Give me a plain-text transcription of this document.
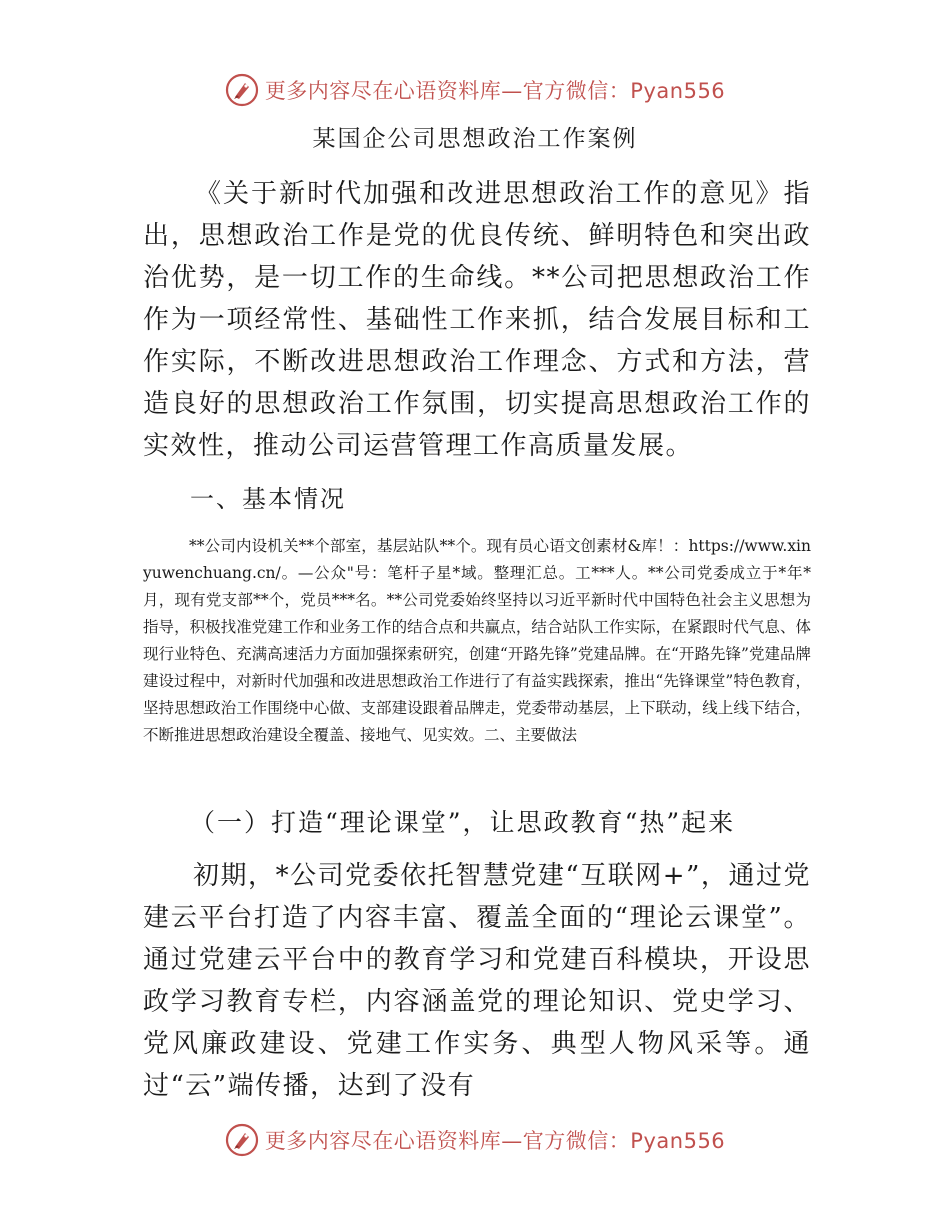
更多内容尽在心语资料库—官方微信：Pyan556
某国企公司思想政治工作案例

《关于新时代加强和改进思想政治工作的意见》指出，思想政治工作是党的优良传统、鲜明特色和突出政治优势，是一切工作的生命线。**公司把思想政治工作作为一项经常性、基础性工作来抓，结合发展目标和工作实际，不断改进思想政治工作理念、方式和方法，营造良好的思想政治工作氛围，切实提高思想政治工作的实效性，推动公司运营管理工作高质量发展。

一、基本情况

**公司内设机关**个部室，基层站队**个。现有员心语文创素材&库！：https://www.xinyuwenchuang.cn/。—公众"号：笔杆子星*域。整理汇总。工***人。**公司党委成立于*年*月，现有党支部**个，党员***名。**公司党委始终坚持以习近平新时代中国特色社会主义思想为指导，积极找准党建工作和业务工作的结合点和共赢点，结合站队工作实际，在紧跟时代气息、体现行业特色、充满高速活力方面加强探索研究，创建“开路先锋”党建品牌。在“开路先锋”党建品牌建设过程中，对新时代加强和改进思想政治工作进行了有益实践探索，推出“先锋课堂”特色教育，坚持思想政治工作围绕中心做、支部建设跟着品牌走，党委带动基层，上下联动，线上线下结合，不断推进思想政治建设全覆盖、接地气、见实效。二、主要做法

（一）打造“理论课堂”，让思政教育“热”起来

初期，*公司党委依托智慧党建“互联网+”，通过党建云平台打造了内容丰富、覆盖全面的“理论云课堂”。通过党建云平台中的教育学习和党建百科模块，开设思政学习教育专栏，内容涵盖党的理论知识、党史学习、党风廉政建设、党建工作实务、典型人物风采等。通过“云”端传播，达到了没有

更多内容尽在心语资料库—官方微信：Pyan556
